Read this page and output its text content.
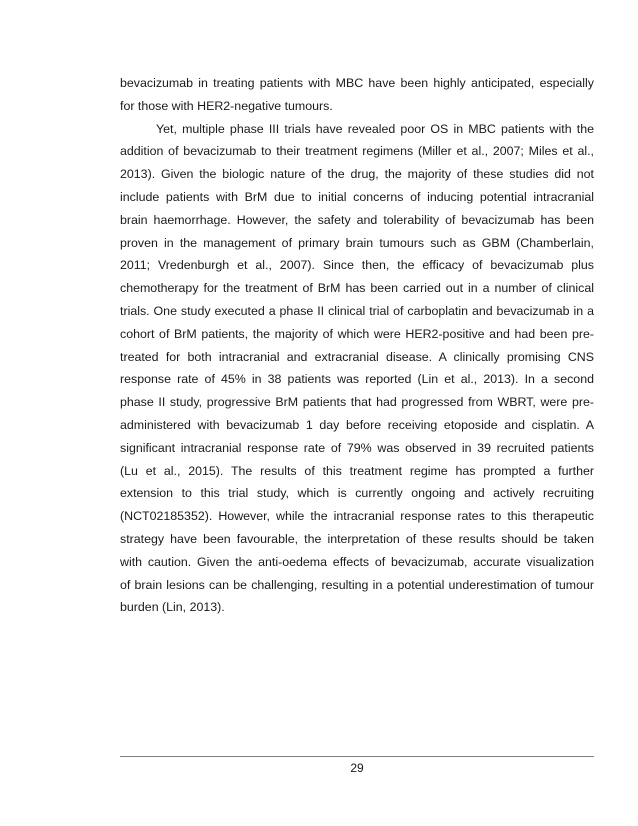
bevacizumab in treating patients with MBC have been highly anticipated, especially
for those with HER2-negative tumours.
Yet, multiple phase III trials have revealed poor OS in MBC patients with the
addition of bevacizumab to their treatment regimens (Miller et al., 2007; Miles et al.,
2013). Given the biologic nature of the drug, the majority of these studies did not
include patients with BrM due to initial concerns of inducing potential intracranial
brain haemorrhage. However, the safety and tolerability of bevacizumab has been
proven in the management of primary brain tumours such as GBM (Chamberlain,
2011; Vredenburgh et al., 2007). Since then, the efficacy of bevacizumab plus
chemotherapy for the treatment of BrM has been carried out in a number of clinical
trials. One study executed a phase II clinical trial of carboplatin and bevacizumab in a
cohort of BrM patients, the majority of which were HER2-positive and had been pre-
treated for both intracranial and extracranial disease. A clinically promising CNS
response rate of 45% in 38 patients was reported (Lin et al., 2013). In a second
phase II study, progressive BrM patients that had progressed from WBRT, were pre-
administered with bevacizumab 1 day before receiving etoposide and cisplatin. A
significant intracranial response rate of 79% was observed in 39 recruited patients
(Lu et al., 2015). The results of this treatment regime has prompted a further
extension to this trial study, which is currently ongoing and actively recruiting
(NCT02185352). However, while the intracranial response rates to this therapeutic
strategy have been favourable, the interpretation of these results should be taken
with caution. Given the anti-oedema effects of bevacizumab, accurate visualization
of brain lesions can be challenging, resulting in a potential underestimation of tumour
burden (Lin, 2013).
29
